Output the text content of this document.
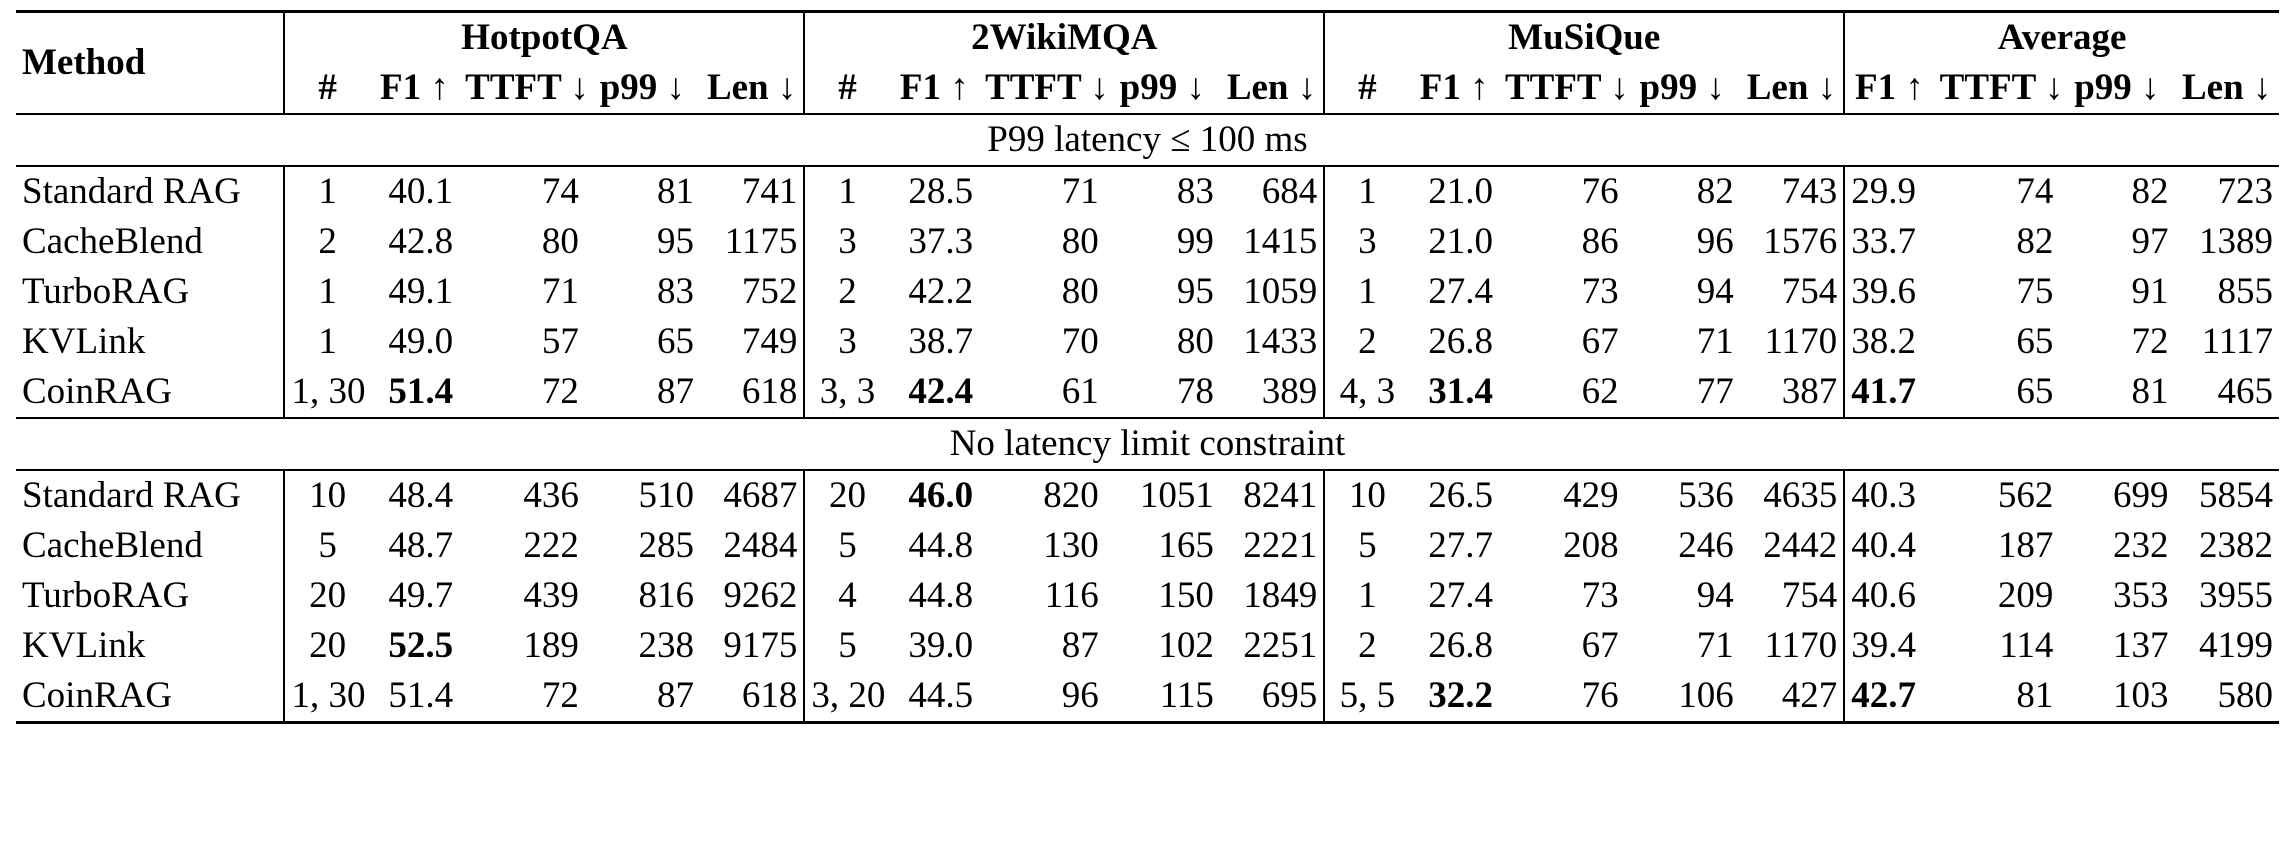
Method	HotpotQA					2WikiMQA					MuSiQue					Average			
	#	F1 ↑	TTFT ↓	p99 ↓	Len ↓	#	F1 ↑	TTFT ↓	p99 ↓	Len ↓	#	F1 ↑	TTFT ↓	p99 ↓	Len ↓	F1 ↑	TTFT ↓	p99 ↓	Len ↓
P99 latency ≤ 100 ms																			
Standard RAG	1	40.1	74	81	741	1	28.5	71	83	684	1	21.0	76	82	743	29.9	74	82	723
CacheBlend	2	42.8	80	95	1175	3	37.3	80	99	1415	3	21.0	86	96	1576	33.7	82	97	1389
TurboRAG	1	49.1	71	83	752	2	42.2	80	95	1059	1	27.4	73	94	754	39.6	75	91	855
KVLink	1	49.0	57	65	749	3	38.7	70	80	1433	2	26.8	67	71	1170	38.2	65	72	1117
CoinRAG	1, 30	51.4	72	87	618	3, 3	42.4	61	78	389	4, 3	31.4	62	77	387	41.7	65	81	465
No latency limit constraint																			
Standard RAG	10	48.4	436	510	4687	20	46.0	820	1051	8241	10	26.5	429	536	4635	40.3	562	699	5854
CacheBlend	5	48.7	222	285	2484	5	44.8	130	165	2221	5	27.7	208	246	2442	40.4	187	232	2382
TurboRAG	20	49.7	439	816	9262	4	44.8	116	150	1849	1	27.4	73	94	754	40.6	209	353	3955
KVLink	20	52.5	189	238	9175	5	39.0	87	102	2251	2	26.8	67	71	1170	39.4	114	137	4199
CoinRAG	1, 30	51.4	72	87	618	3, 20	44.5	96	115	695	5, 5	32.2	76	106	427	42.7	81	103	580
